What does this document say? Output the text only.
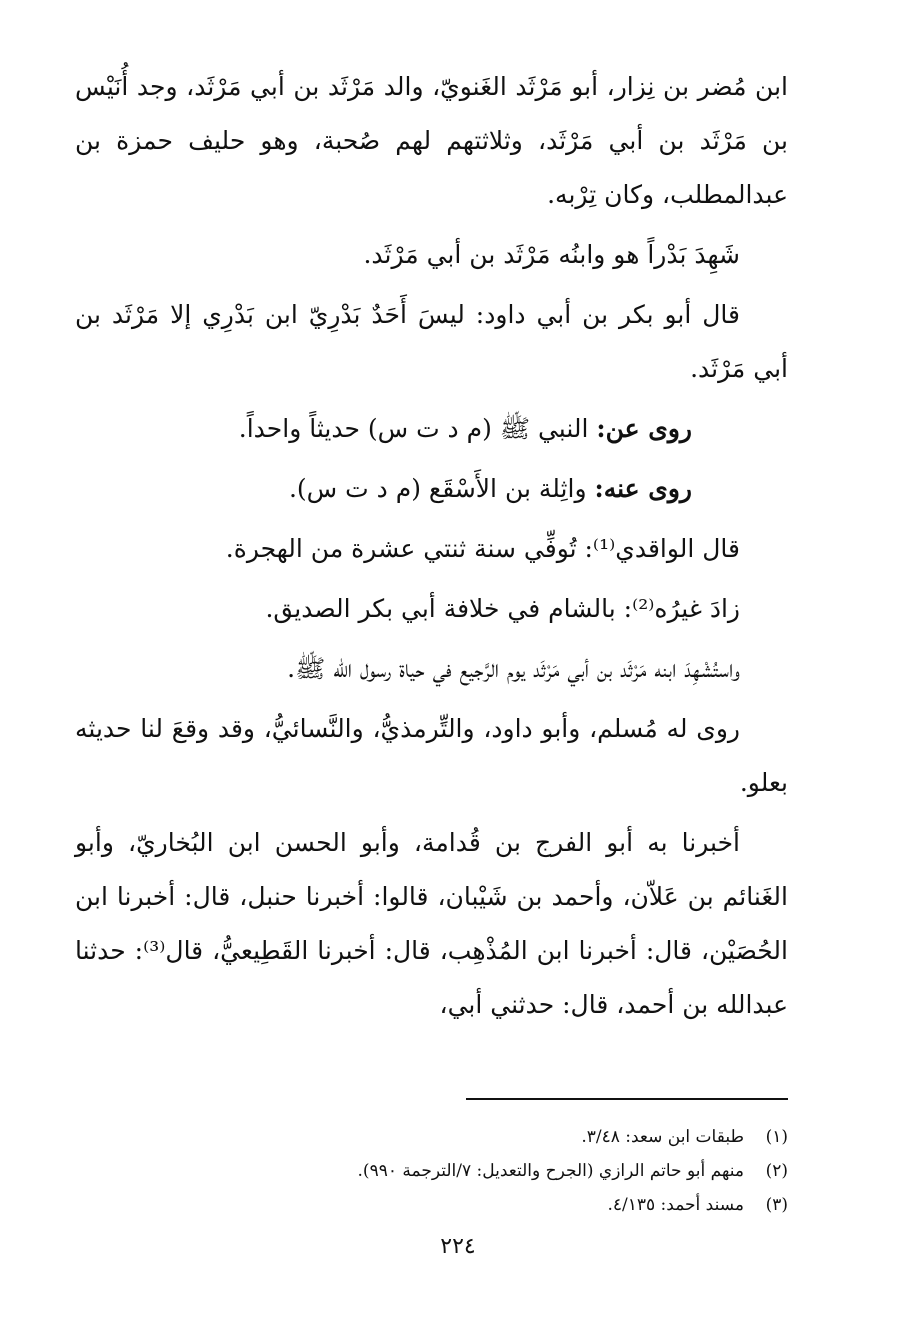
ابن مُضر بن نِزار، أبو مَرْثَد الغَنويّ، والد مَرْثَد بن أبي مَرْثَد، وجد أُنَيْس بن مَرْثَد بن أبي مَرْثَد، وثلاثتهم لهم صُحبة، وهو حليف حمزة بن عبدالمطلب، وكان تِرْبه.

شَهِدَ بَدْراً هو وابنُه مَرْثَد بن أبي مَرْثَد.

قال أبو بكر بن أبي داود: ليسَ أَحَدٌ بَدْرِيّ ابن بَدْرِي إلا مَرْثَد بن أبي مَرْثَد.

روى عن: النبي ﷺ (م د ت س) حديثاً واحداً.

روى عنه: واثِلة بن الأَسْقَع (م د ت س).

قال الواقدي⁽¹⁾: تُوفِّي سنة ثنتي عشرة من الهجرة.

زادَ غيرُه⁽²⁾: بالشام في خلافة أبي بكر الصديق.

واستُشْهِدَ ابنه مَرْثَد بن أبي مَرْثَد يوم الرَّجيع في حياة رسول الله ﷺ.

روى له مُسلم، وأبو داود، والتِّرمذيُّ، والنَّسائيُّ، وقد وقعَ لنا حديثه بعلو.

أخبرنا به أبو الفرج بن قُدامة، وأبو الحسن ابن البُخاريّ، وأبو الغَنائم بن عَلاّن، وأحمد بن شَيْبان، قالوا: أخبرنا حنبل، قال: أخبرنا ابن الحُصَيْن، قال: أخبرنا ابن المُذْهِب، قال: أخبرنا القَطِيعيُّ، قال⁽³⁾: حدثنا عبدالله بن أحمد، قال: حدثني أبي،

(١)
طبقات ابن سعد: ٣/٤٨.
(٢)
منهم أبو حاتم الرازي (الجرح والتعديل: ٧/الترجمة ٩٩٠).
(٣)
مسند أحمد: ٤/١٣٥.
٢٢٤
